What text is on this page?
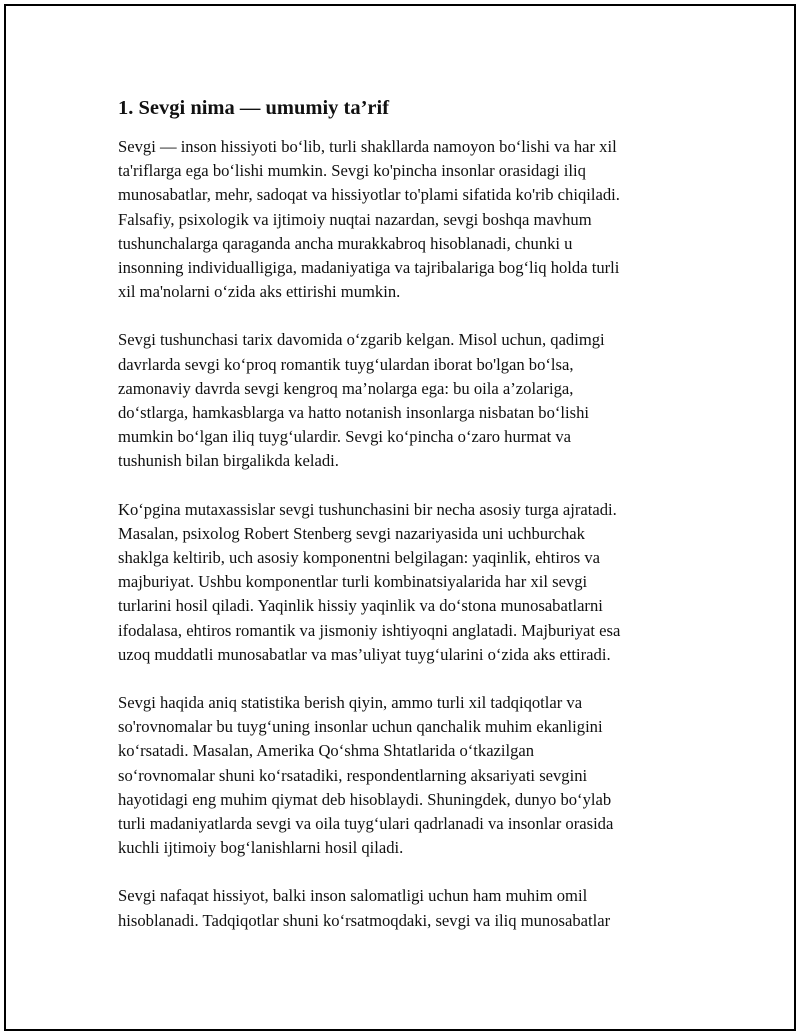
1. Sevgi nima — umumiy ta’rif
Sevgi — inson hissiyoti bo‘lib, turli shakllarda namoyon bo‘lishi va har xil
ta'riflarga ega bo‘lishi mumkin. Sevgi ko'pincha insonlar orasidagi iliq
munosabatlar, mehr, sadoqat va hissiyotlar to'plami sifatida ko'rib chiqiladi.
Falsafiy, psixologik va ijtimoiy nuqtai nazardan, sevgi boshqa mavhum
tushunchalarga qaraganda ancha murakkabroq hisoblanadi, chunki u
insonning individualligiga, madaniyatiga va tajribalariga bog‘liq holda turli
xil ma'nolarni o‘zida aks ettirishi mumkin.
Sevgi tushunchasi tarix davomida o‘zgarib kelgan. Misol uchun, qadimgi
davrlarda sevgi ko‘proq romantik tuyg‘ulardan iborat bo'lgan bo‘lsa,
zamonaviy davrda sevgi kengroq ma’nolarga ega: bu oila a’zolariga,
do‘stlarga, hamkasblarga va hatto notanish insonlarga nisbatan bo‘lishi
mumkin bo‘lgan iliq tuyg‘ulardir. Sevgi ko‘pincha o‘zaro hurmat va
tushunish bilan birgalikda keladi.
Ko‘pgina mutaxassislar sevgi tushunchasini bir necha asosiy turga ajratadi.
Masalan, psixolog Robert Stenberg sevgi nazariyasida uni uchburchak
shaklga keltirib, uch asosiy komponentni belgilagan: yaqinlik, ehtiros va
majburiyat. Ushbu komponentlar turli kombinatsiyalarida har xil sevgi
turlarini hosil qiladi. Yaqinlik hissiy yaqinlik va do‘stona munosabatlarni
ifodalasa, ehtiros romantik va jismoniy ishtiyoqni anglatadi. Majburiyat esa
uzoq muddatli munosabatlar va mas’uliyat tuyg‘ularini o‘zida aks ettiradi.
Sevgi haqida aniq statistika berish qiyin, ammo turli xil tadqiqotlar va
so'rovnomalar bu tuyg‘uning insonlar uchun qanchalik muhim ekanligini
ko‘rsatadi. Masalan, Amerika Qo‘shma Shtatlarida o‘tkazilgan
so‘rovnomalar shuni ko‘rsatadiki, respondentlarning aksariyati sevgini
hayotidagi eng muhim qiymat deb hisoblaydi. Shuningdek, dunyo bo‘ylab
turli madaniyatlarda sevgi va oila tuyg‘ulari qadrlanadi va insonlar orasida
kuchli ijtimoiy bog‘lanishlarni hosil qiladi.
Sevgi nafaqat hissiyot, balki inson salomatligi uchun ham muhim omil
hisoblanadi. Tadqiqotlar shuni ko‘rsatmoqdaki, sevgi va iliq munosabatlar
